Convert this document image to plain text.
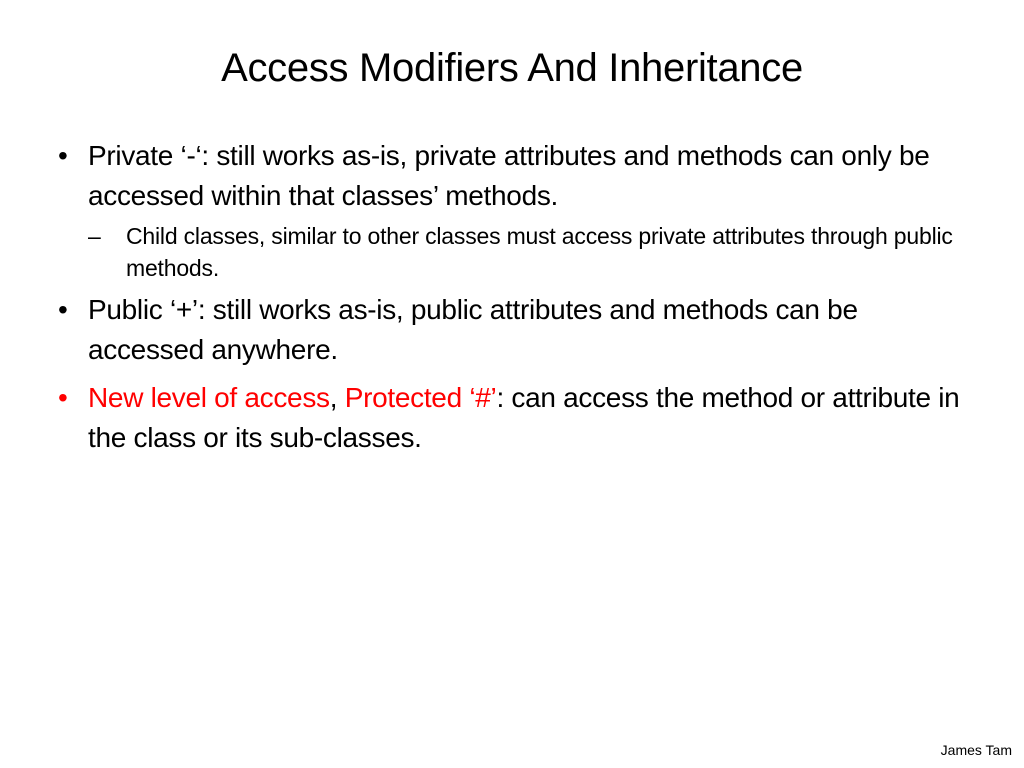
Access Modifiers And Inheritance

• Private ‘-‘: still works as-is, private attributes and methods can only be accessed within that classes’ methods.

– Child classes, similar to other classes must access private attributes through public methods.

• Public ‘+’: still works as-is, public attributes and methods can be accessed anywhere.

• New level of access, Protected ‘#’: can access the method or attribute in the class or its sub-classes.

James Tam
